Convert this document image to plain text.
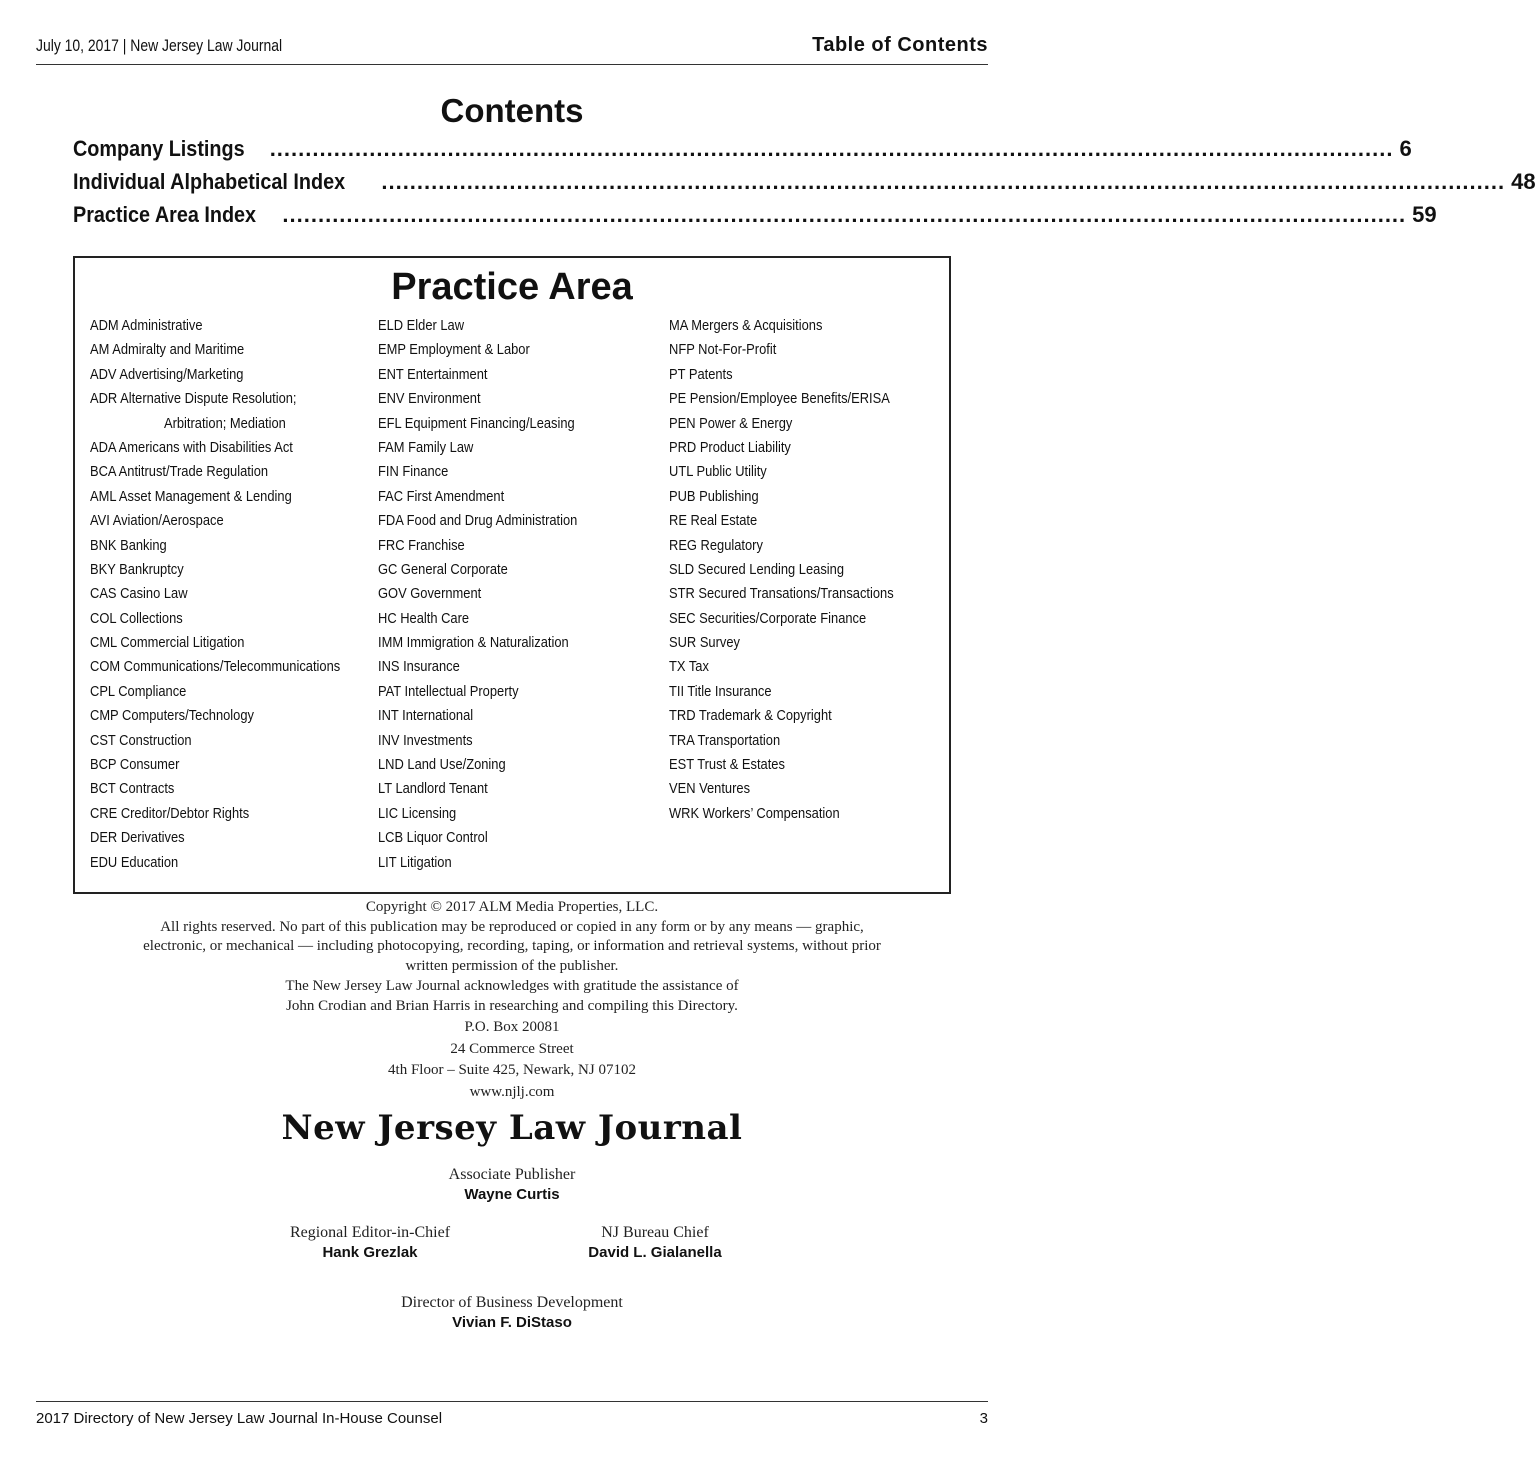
July 10, 2017 | New Jersey Law Journal	Table of Contents
Contents
Company Listings .............................................................................................................................................................. 6
Individual Alphabetical Index .............................................................................................................................................................. 48
Practice Area Index .............................................................................................................................................................. 59
Practice Area
ADM Administrative
AM Admiralty and Maritime
ADV Advertising/Marketing
ADR Alternative Dispute Resolution;
Arbitration; Mediation
ADA Americans with Disabilities Act
BCA Antitrust/Trade Regulation
AML Asset Management & Lending
AVI Aviation/Aerospace
BNK Banking
BKY Bankruptcy
CAS Casino Law
COL Collections
CML Commercial Litigation
COM Communications/Telecommunications
CPL Compliance
CMP Computers/Technology
CST Construction
BCP Consumer
BCT Contracts
CRE Creditor/Debtor Rights
DER Derivatives
EDU Education
ELD Elder Law
EMP Employment & Labor
ENT Entertainment
ENV Environment
EFL Equipment Financing/Leasing
FAM Family Law
FIN Finance
FAC First Amendment
FDA Food and Drug Administration
FRC Franchise
GC General Corporate
GOV Government
HC Health Care
IMM Immigration & Naturalization
INS Insurance
PAT Intellectual Property
INT International
INV Investments
LND Land Use/Zoning
LT Landlord Tenant
LIC Licensing
LCB Liquor Control
LIT Litigation
MA Mergers & Acquisitions
NFP Not-For-Profit
PT Patents
PE Pension/Employee Benefits/ERISA
PEN Power & Energy
PRD Product Liability
UTL Public Utility
PUB Publishing
RE Real Estate
REG Regulatory
SLD Secured Lending Leasing
STR Secured Transations/Transactions
SEC Securities/Corporate Finance
SUR Survey
TX Tax
TII Title Insurance
TRD Trademark & Copyright
TRA Transportation
EST Trust & Estates
VEN Ventures
WRK Workers’ Compensation
Copyright © 2017 ALM Media Properties, LLC.
All rights reserved. No part of this publication may be reproduced or copied in any form or by any means — graphic,
electronic, or mechanical — including photocopying, recording, taping, or information and retrieval systems, without prior
written permission of the publisher.
The New Jersey Law Journal acknowledges with gratitude the assistance of
John Crodian and Brian Harris in researching and compiling this Directory.
P.O. Box 20081
24 Commerce Street
4th Floor – Suite 425, Newark, NJ 07102
www.njlj.com
New Jersey Law Journal
Associate Publisher
Wayne Curtis
Regional Editor-in-Chief
Hank Grezlak
NJ Bureau Chief
David L. Gialanella
Director of Business Development
Vivian F. DiStaso
2017 Directory of New Jersey Law Journal In-House Counsel	3
